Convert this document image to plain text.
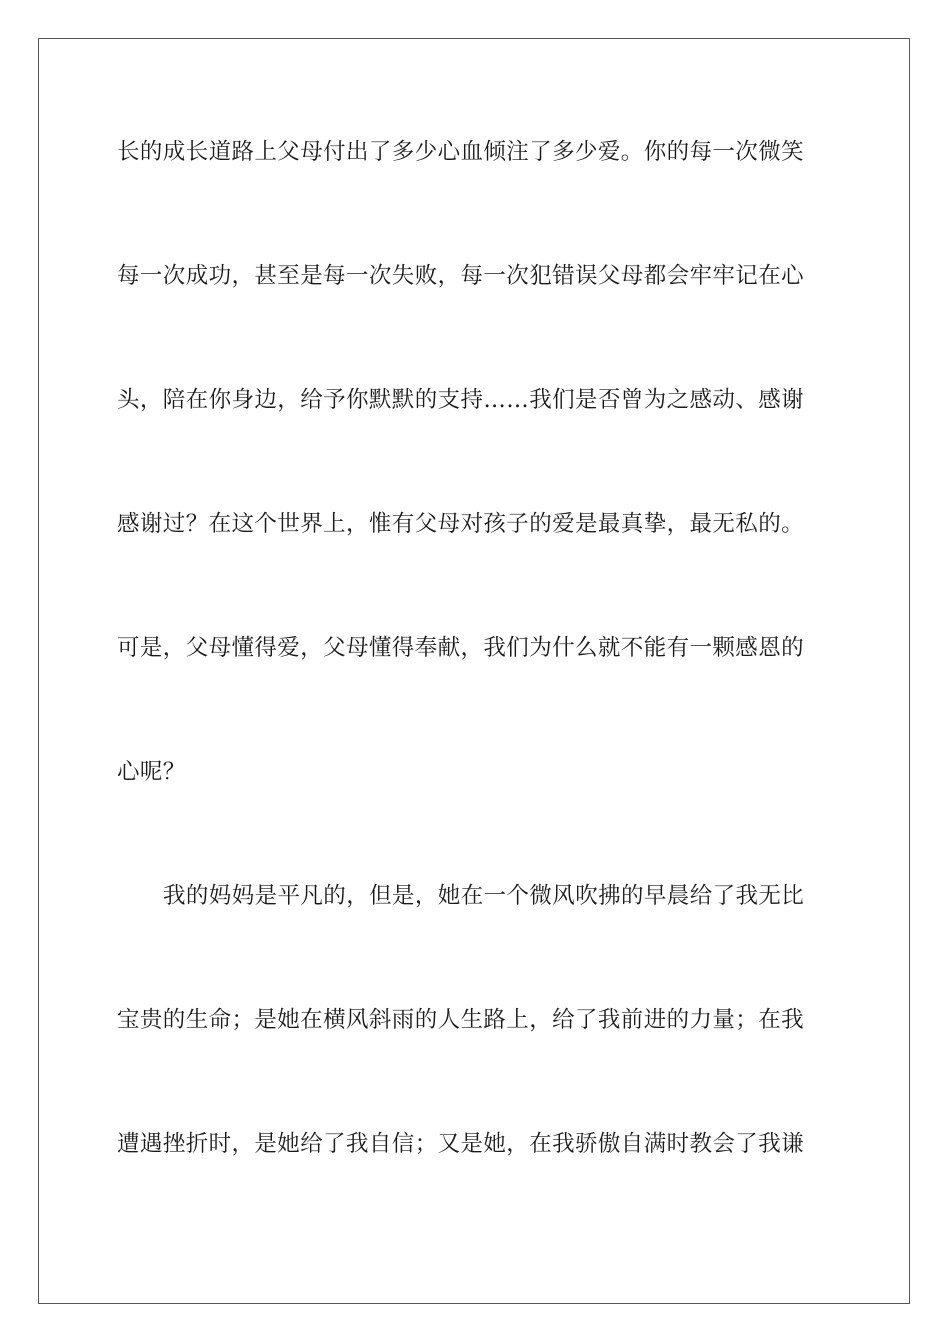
长的成长道路上父母付出了多少心血倾注了多少爱。你的每一次微笑
每一次成功，甚至是每一次失败，每一次犯错误父母都会牢牢记在心
头，陪在你身边，给予你默默的支持……我们是否曾为之感动、感谢
感谢过？在这个世界上，惟有父母对孩子的爱是最真挚，最无私的。
可是，父母懂得爱，父母懂得奉献，我们为什么就不能有一颗感恩的
心呢？
我的妈妈是平凡的，但是，她在一个微风吹拂的早晨给了我无比
宝贵的生命；是她在横风斜雨的人生路上，给了我前进的力量；在我
遭遇挫折时，是她给了我自信；又是她，在我骄傲自满时教会了我谦
